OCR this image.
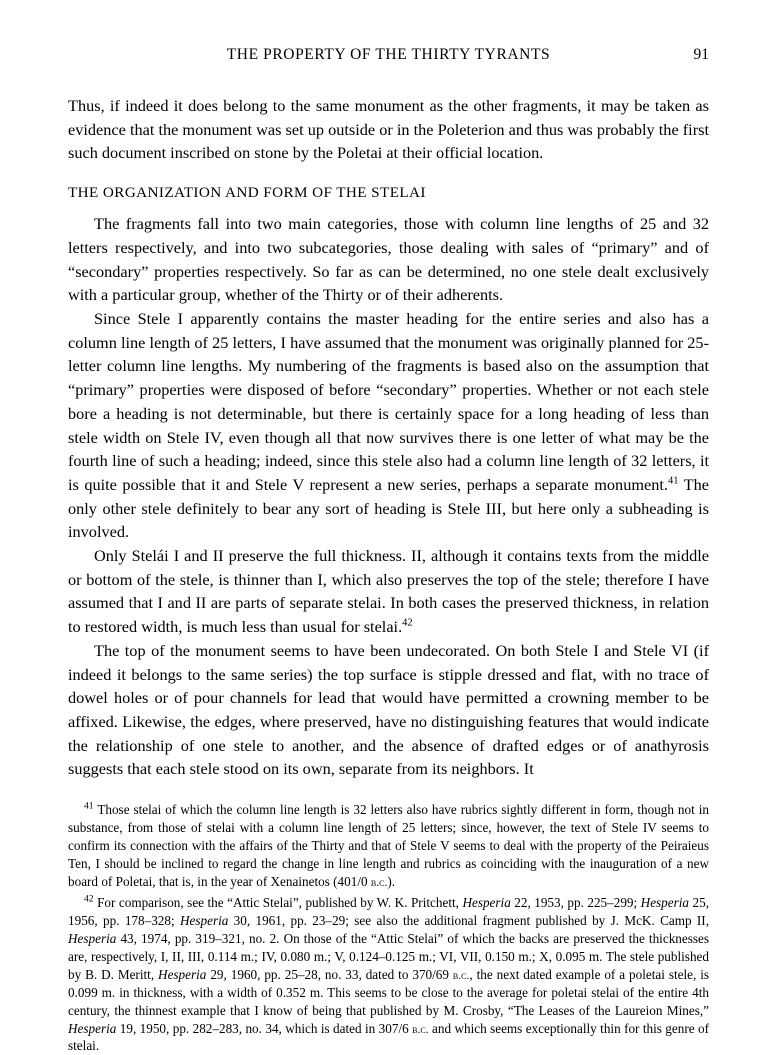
THE PROPERTY OF THE THIRTY TYRANTS	91

Thus, if indeed it does belong to the same monument as the other fragments, it may be taken as evidence that the monument was set up outside or in the Poleterion and thus was probably the first such document inscribed on stone by the Poletai at their official location.

THE ORGANIZATION AND FORM OF THE STELAI

The fragments fall into two main categories, those with column line lengths of 25 and 32 letters respectively, and into two subcategories, those dealing with sales of “primary” and of “secondary” properties respectively. So far as can be determined, no one stele dealt exclusively with a particular group, whether of the Thirty or of their adherents.

Since Stele I apparently contains the master heading for the entire series and also has a column line length of 25 letters, I have assumed that the monument was originally planned for 25-letter column line lengths. My numbering of the fragments is based also on the assumption that “primary” properties were disposed of before “secondary” properties. Whether or not each stele bore a heading is not determinable, but there is certainly space for a long heading of less than stele width on Stele IV, even though all that now survives there is one letter of what may be the fourth line of such a heading; indeed, since this stele also had a column line length of 32 letters, it is quite possible that it and Stele V represent a new series, perhaps a separate monument.$^{41}$ The only other stele definitely to bear any sort of heading is Stele III, but here only a subheading is involved.

Only Stelái I and II preserve the full thickness. II, although it contains texts from the middle or bottom of the stele, is thinner than I, which also preserves the top of the stele; therefore I have assumed that I and II are parts of separate stelai. In both cases the preserved thickness, in relation to restored width, is much less than usual for stelai.$^{42}$

The top of the monument seems to have been undecorated. On both Stele I and Stele VI (if indeed it belongs to the same series) the top surface is stipple dressed and flat, with no trace of dowel holes or of pour channels for lead that would have permitted a crowning member to be affixed. Likewise, the edges, where preserved, have no distinguishing features that would indicate the relationship of one stele to another, and the absence of drafted edges or of anathyrosis suggests that each stele stood on its own, separate from its neighbors. It

$^{41}$ Those stelai of which the column line length is 32 letters also have rubrics sightly different in form, though not in substance, from those of stelai with a column line length of 25 letters; since, however, the text of Stele IV seems to confirm its connection with the affairs of the Thirty and that of Stele V seems to deal with the property of the Peiraieus Ten, I should be inclined to regard the change in line length and rubrics as coinciding with the inauguration of a new board of Poletai, that is, in the year of Xenainetos (401/0 b.c.).

$^{42}$ For comparison, see the “Attic Stelai”, published by W. K. Pritchett, Hesperia 22, 1953, pp. 225–299; Hesperia 25, 1956, pp. 178–328; Hesperia 30, 1961, pp. 23–29; see also the additional fragment published by J. McK. Camp II, Hesperia 43, 1974, pp. 319–321, no. 2. On those of the “Attic Stelai” of which the backs are preserved the thicknesses are, respectively, I, II, III, 0.114 m.; IV, 0.080 m.; V, 0.124–0.125 m.; VI, VII, 0.150 m.; X, 0.095 m. The stele published by B. D. Meritt, Hesperia 29, 1960, pp. 25–28, no. 33, dated to 370/69 b.c., the next dated example of a poletai stele, is 0.099 m. in thickness, with a width of 0.352 m. This seems to be close to the average for poletai stelai of the entire 4th century, the thinnest example that I know of being that published by M. Crosby, “The Leases of the Laureion Mines,” Hesperia 19, 1950, pp. 282–283, no. 34, which is dated in 307/6 b.c. and which seems exceptionally thin for this genre of stelai.
